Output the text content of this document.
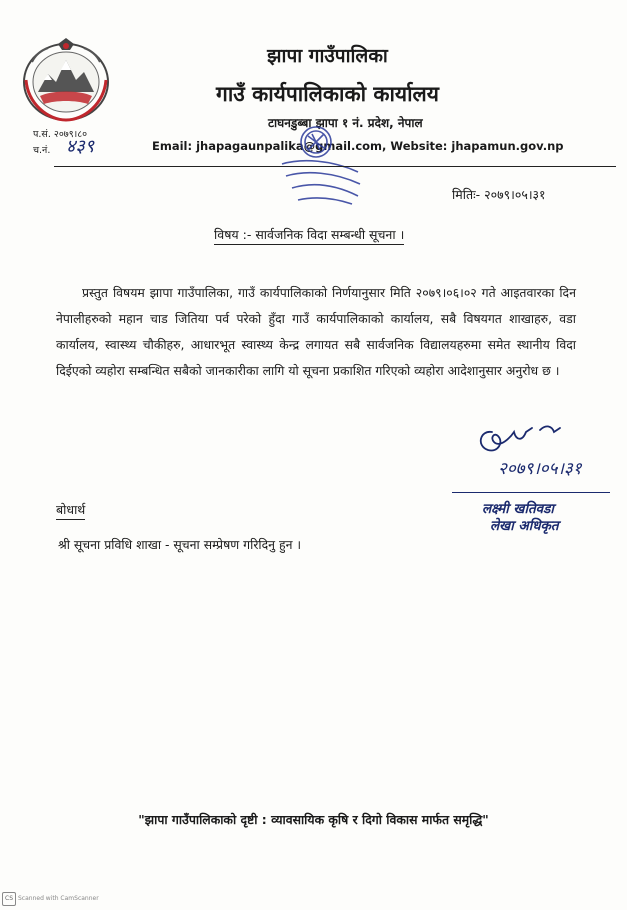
झापा गाउँपालिका
गाउँ कार्यपालिकाको कार्यालय
टाघनडुब्बा झापा १ नं. प्रदेश, नेपाल
Email: jhapagaunpalika@gmail.com, Website: jhapamun.gov.np
प.सं. २०७९।८०
च.नं. ४३९
मितिः- २०७९।०५।३१
विषय :- सार्वजनिक विदा सम्बन्धी सूचना ।

प्रस्तुत विषयम झापा गाउँपालिका, गाउँ कार्यपालिकाको निर्णयानुसार मिति २०७९।०६।०२ गते आइतवारका दिन नेपालीहरुको महान चाड जितिया पर्व परेको हुँदा गाउँ कार्यपालिकाको कार्यालय, सबै विषयगत शाखाहरु, वडा कार्यालय, स्वास्थ्य चौकीहरु, आधारभूत स्वास्थ्य केन्द्र लगायत सबै सार्वजनिक विद्यालयहरुमा समेत स्थानीय विदा दिईएको व्यहोरा सम्बन्धित सबैको जानकारीका लागि यो सूचना प्रकाशित गरिएको व्यहोरा आदेशानुसार अनुरोध छ ।

२०७९।०५।३१
लक्ष्मी खतिवडा
लेखा अधिकृत
बोधार्थ
श्री सूचना प्रविधि शाखा - सूचना सम्प्रेषण गरिदिनु हुन ।
"झापा गाउँपालिकाको दृष्टी : व्यावसायिक कृषि र दिगो विकास मार्फत समृद्धि"
CS Scanned with CamScanner
